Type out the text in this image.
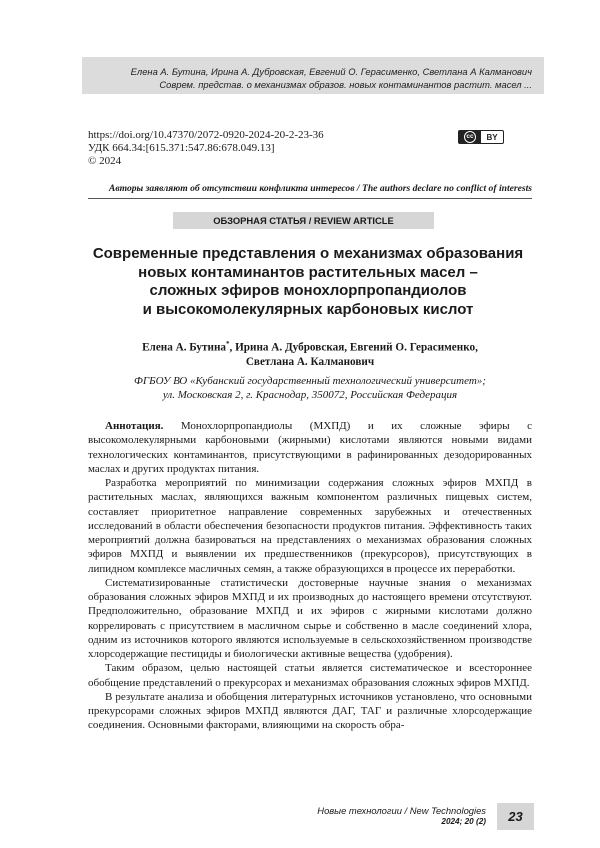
Елена А. Бутина, Ирина А. Дубровская, Евгений О. Герасименко, Светлана А Калманович
Соврем. представ. о механизмах образов. новых контаминантов растит. масел ...
https://doi.org/10.47370/2072-0920-2024-20-2-23-36
УДК 664.34:[615.371:547.86:678.049.13]
© 2024
cc	BY
Авторы заявляют об отсутствии конфликта интересов / The authors declare no conflict of interests
ОБЗОРНАЯ СТАТЬЯ / REVIEW ARTICLE
Современные представления о механизмах образования
новых контаминантов растительных масел –
сложных эфиров монохлорпропандиолов
и высокомолекулярных карбоновых кислот
Елена А. Бутина*, Ирина А. Дубровская, Евгений О. Герасименко,
Светлана А. Калманович
ФГБОУ ВО «Кубанский государственный технологический университет»;
ул. Московская 2, г. Краснодар, 350072, Российская Федерация

Аннотация. Монохлорпропандиолы (МХПД) и их сложные эфиры с высокомолекулярными карбоновыми (жирными) кислотами являются новыми видами технологических контаминантов, присутствующими в рафинированных дезодорированных маслах и других продуктах питания.

Разработка мероприятий по минимизации содержания сложных эфиров МХПД в растительных маслах, являющихся важным компонентом различных пищевых систем, составляет приоритетное направление современных зарубежных и отечественных исследований в области обеспечения безопасности продуктов питания. Эффективность таких мероприятий должна базироваться на представлениях о механизмах образования сложных эфиров МХПД и выявлении их предшественников (прекурсоров), присутствующих в липидном комплексе масличных семян, а также образующихся в процессе их переработки.

Систематизированные статистически достоверные научные знания о механизмах образования сложных эфиров МХПД и их производных до настоящего времени отсутствуют. Предположительно, образование МХПД и их эфиров с жирными кислотами должно коррелировать с присутствием в масличном сырье и собственно в масле соединений хлора, одним из источников которого являются используемые в сельскохозяйственном производстве хлорсодержащие пестициды и биологически активные вещества (удобрения).

Таким образом, целью настоящей статьи является систематическое и всестороннее обобщение представлений о прекурсорах и механизмах образования сложных эфиров МХПД.

В результате анализа и обобщения литературных источников установлено, что основными прекурсорами сложных эфиров МХПД являются ДАГ, ТАГ и различные хлорсодержащие соединения. Основными факторами, влияющими на скорость обра-

Новые технологии / New Technologies
2024; 20 (2)	23
